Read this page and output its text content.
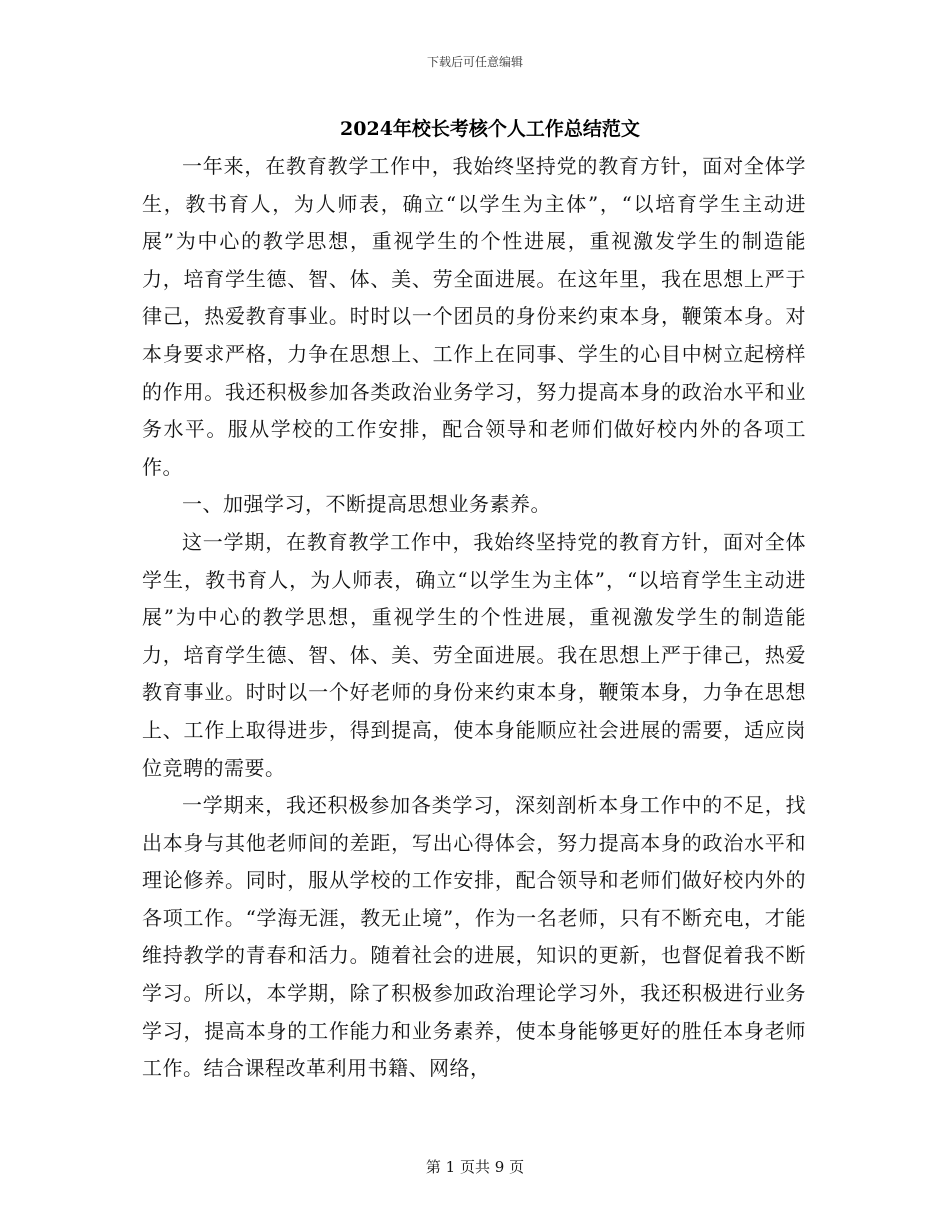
下载后可任意编辑
2024年校长考核个人工作总结范文

一年来，在教育教学工作中，我始终坚持党的教育方针，面对全体学生，教书育人，为人师表，确立“以学生为主体”，“以培育学生主动进展”为中心的教学思想，重视学生的个性进展，重视激发学生的制造能力，培育学生德、智、体、美、劳全面进展。在这年里，我在思想上严于律己，热爱教育事业。时时以一个团员的身份来约束本身，鞭策本身。对本身要求严格，力争在思想上、工作上在同事、学生的心目中树立起榜样的作用。我还积极参加各类政治业务学习，努力提高本身的政治水平和业务水平。服从学校的工作安排，配合领导和老师们做好校内外的各项工作。

一、加强学习，不断提高思想业务素养。

这一学期，在教育教学工作中，我始终坚持党的教育方针，面对全体学生，教书育人，为人师表，确立“以学生为主体”，“以培育学生主动进展”为中心的教学思想，重视学生的个性进展，重视激发学生的制造能力，培育学生德、智、体、美、劳全面进展。我在思想上严于律己，热爱教育事业。时时以一个好老师的身份来约束本身，鞭策本身，力争在思想上、工作上取得进步，得到提高，使本身能顺应社会进展的需要，适应岗位竞聘的需要。

一学期来，我还积极参加各类学习，深刻剖析本身工作中的不足，找出本身与其他老师间的差距，写出心得体会，努力提高本身的政治水平和理论修养。同时，服从学校的工作安排，配合领导和老师们做好校内外的各项工作。“学海无涯，教无止境”，作为一名老师，只有不断充电，才能维持教学的青春和活力。随着社会的进展，知识的更新，也督促着我不断学习。所以，本学期，除了积极参加政治理论学习外，我还积极进行业务学习，提高本身的工作能力和业务素养，使本身能够更好的胜任本身老师工作。结合课程改革利用书籍、网络，

第 1 页共 9 页
